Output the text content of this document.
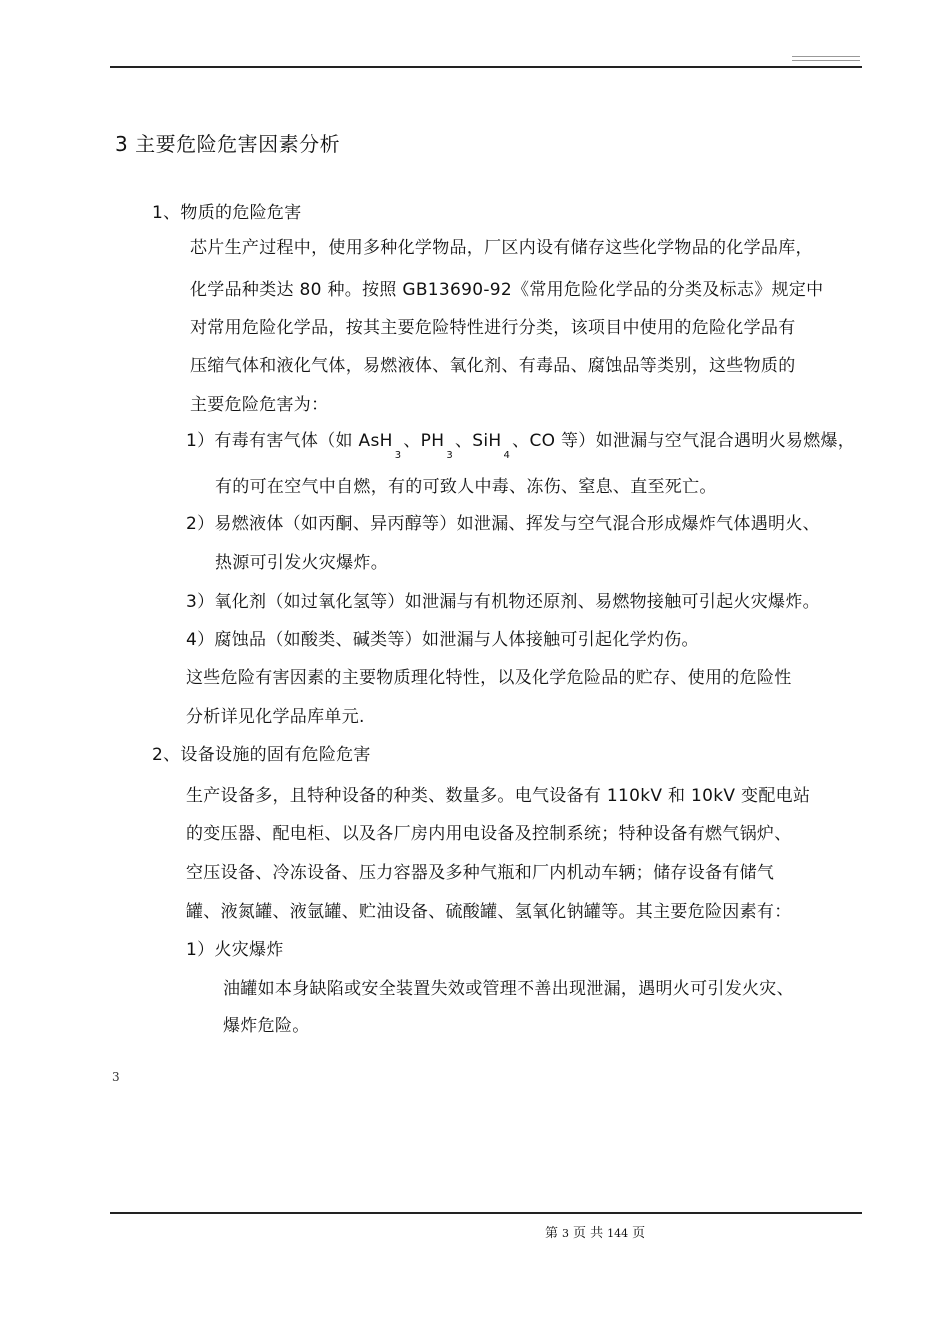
3 主要危险危害因素分析
1、物质的危险危害
芯片生产过程中，使用多种化学物品，厂区内设有储存这些化学物品的化学品库，
化学品种类达 80 种。按照 GB13690-92《常用危险化学品的分类及标志》规定中
对常用危险化学品，按其主要危险特性进行分类，该项目中使用的危险化学品有
压缩气体和液化气体，易燃液体、氧化剂、有毒品、腐蚀品等类别，这些物质的
主要危险危害为：
1）有毒有害气体（如 AsH$_3$、$PH_3$、SiH$_4$、CO 等）如泄漏与空气混合遇明火易燃爆，
有的可在空气中自燃，有的可致人中毒、冻伤、窒息、直至死亡。
2）易燃液体（如丙酮、异丙醇等）如泄漏、挥发与空气混合形成爆炸气体遇明火、
热源可引发火灾爆炸。
3）氧化剂（如过氧化氢等）如泄漏与有机物还原剂、易燃物接触可引起火灾爆炸。
4）腐蚀品（如酸类、碱类等）如泄漏与人体接触可引起化学灼伤。
这些危险有害因素的主要物质理化特性，以及化学危险品的贮存、使用的危险性
分析详见化学品库单元.
2、设备设施的固有危险危害
生产设备多，且特种设备的种类、数量多。电气设备有 110kV 和 10kV 变配电站
的变压器、配电柜、以及各厂房内用电设备及控制系统；特种设备有燃气锅炉、
空压设备、冷冻设备、压力容器及多种气瓶和厂内机动车辆；储存设备有储气
罐、液氮罐、液氩罐、贮油设备、硫酸罐、氢氧化钠罐等。其主要危险因素有：
1）火灾爆炸
油罐如本身缺陷或安全装置失效或管理不善出现泄漏，遇明火可引发火灾、
爆炸危险。
3
第 3 页 共 144 页
